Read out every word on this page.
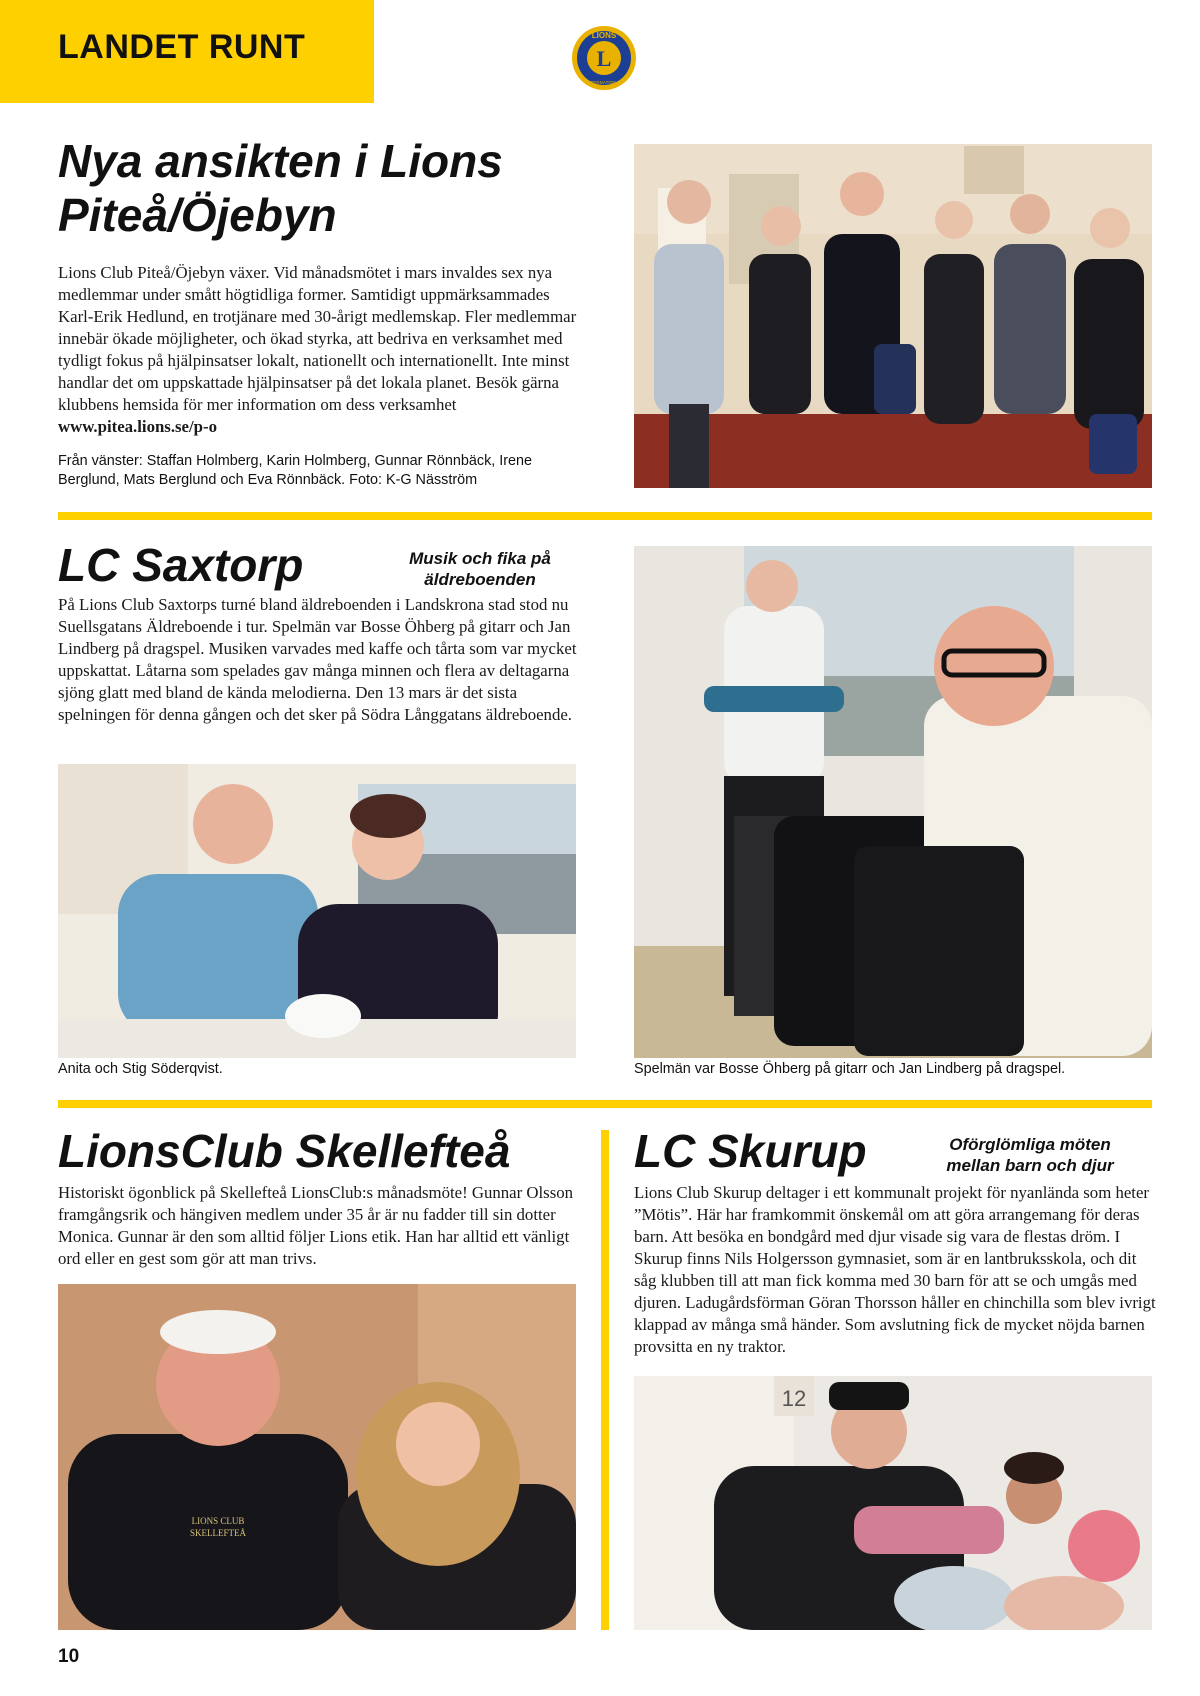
LANDET RUNT	L
LIONS
INTERNATIONAL
Nya ansikten i Lions Piteå/Öjebyn

Lions Club Piteå/Öjebyn växer. Vid månadsmötet i mars invaldes sex nya medlemmar under smått högtidliga former. Samtidigt uppmärksammades Karl-Erik Hedlund, en trotjänare med 30-årigt medlemskap. Fler medlemmar innebär ökade möjligheter, och ökad styrka, att bedriva en verksamhet med tydligt fokus på hjälpinsatser lokalt, nationellt och internationellt. Inte minst handlar det om uppskattade hjälpinsatser på det lokala planet. Besök gärna klubbens hemsida för mer information om dess verksamhet www.pitea.lions.se/p-o

Från vänster: Staffan Holmberg, Karin Holmberg, Gunnar Rönnbäck, Irene Berglund, Mats Berglund och Eva Rönnbäck. Foto: K-G Näsström

LC Saxtorp	Musik och fika på äldreboenden

På Lions Club Saxtorps turné bland äldreboenden i Landskrona stad stod nu Suellsgatans Äldreboende i tur. Spelmän var Bosse Öhberg på gitarr och Jan Lindberg på dragspel. Musiken varvades med kaffe och tårta som var mycket uppskattat. Låtarna som spelades gav många minnen och flera av deltagarna sjöng glatt med bland de kända melodierna. Den 13 mars är det sista spelningen för denna gången och det sker på Södra Långgatans äldreboende.

Anita och Stig Söderqvist.	Spelmän var Bosse Öhberg på gitarr och Jan Lindberg på dragspel.

LionsClub Skellefteå

Historiskt ögonblick på Skellefteå LionsClub:s månadsmöte! Gunnar Olsson framgångsrik och hängiven medlem under 35 år är nu fadder till sin dotter Monica. Gunnar är den som alltid följer Lions etik. Han har alltid ett vänligt ord eller en gest som gör att man trivs.

LIONS CLUB
SKELLEFTEÅ
LC Skurup	Oförglömliga möten mellan barn och djur

Lions Club Skurup deltager i ett kommunalt projekt för nyanlända som heter ”Mötis”. Här har framkommit önskemål om att göra arrangemang för deras barn. Att besöka en bondgård med djur visade sig vara de flestas dröm. I Skurup finns Nils Holgersson gymnasiet, som är en lantbruksskola, och dit såg klubben till att man fick komma med 30 barn för att se och umgås med djuren. Ladugårdsförman Göran Thorsson håller en chinchilla som blev ivrigt klappad av många små händer. Som avslutning fick de mycket nöjda barnen provsitta en ny traktor.

12
10
